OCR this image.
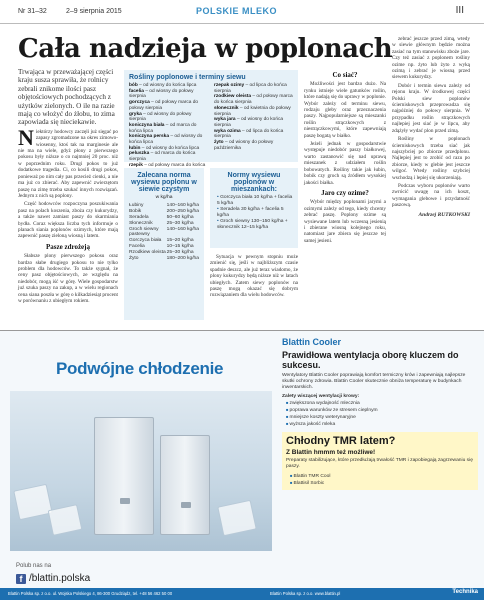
Nr 31–32	2–9 sierpnia 2015	POLSKIE MLEKO	III
Cała nadzieja w poplonach

Trwająca w przeważającej części kraju susza sprawiła, że rolnicy zebrali znikome ilości pasz objętościowych pochodzących z użytków zielonych. O ile na razie mają co włożyć do żłobu, to zima zapowiada się nieciekawie.

N iektórzy hodowcy zaczęli już sięgać po zapasy zgromadzone na okres zimowo-wiosenny, ktoś tak na marginesie ale nie ma na wiele, gdyż płony z pierwszego pokosu były niższe o co najmniej 20 proc. niż w poprzednim roku. Drugi pokos to już dodatkowe tragedia. Ci, co kosili drugi pokos, ponieważ po nim cały pas przecież cienki, a nie ma już co zbierać. Aby zapewnić zwierzętom paszę na zimę trzeba szukać innych rozwiązań. Jednym z nich są poplony.

Część hodowców rozpoczyna poszukiwania pasz na polach koszenia, zboża czy kukurydzy, a także nawet zamiast paszy do skarmiania bydła. Coraz większa liczba tych informuje o planach siania poplonów ozimych, które mają zapewnić paszę zieloną wiosną i latem.

Pasze zdrożeją

Słabsze plony pierwszego pokosu oraz bardzo słabe drugiego pokosu to nie tylko problem dla hodowców. To także sygnał, że ceny pasz objętościowych, ze względu na niedobór, mogą iść w górę. Wiele gospodarstw już szuka paszy na zakup, a w wielu regionach cena siana poszła w górę o kilkadziesiąt procent w porównaniu z ubiegłym rokiem.

Rośliny poplonowe i terminy siewu
bób – od wiosny do końca lipca
facelia – od wiosny do połowy sierpnia
gorczyca – od połowy marca do połowy sierpnia
gryka – od wiosny do połowy sierpnia
koniczyna biała – od marca do końca lipca
koniczyna perska – od wiosny do końca lipca
łubin – od wiosny do końca lipca
peluszka – od marca do końca sierpnia
rzepik – od połowy marca do końca
rzepak ozimy – od lipca do końca sierpnia
rzodkiew oleista – od połowy marca do końca sierpnia
słonecznik – od kwietnia do połowy sierpnia
wyka jara – od wiosny do końca sierpnia
wyka ozima – od lipca do końca sierpnia
żyto – od wiosny do połowy października
Zalecana norma wysiewu poplonu w siewie czystym
w kg/ha
Łubiny	140–160 kg/ha
Bobik	200–250 kg/ha
Seradela	50–60 kg/ha
Słonecznik	25–30 kg/ha
Groch siewny pastewny	140–160 kg/ha
Gorczyca biała	15–20 kg/ha
Facelia	10–15 kg/ha
Rzodkiew oleista	25–30 kg/ha
Żyto	180–200 kg/ha
Normy wysiewu poplonów w mieszankach:
• Gorczyca biała 10 kg/ha + facelia 5 kg/ha
• Seradela 30 kg/ha + facelia 5 kg/ha
• Groch siewny 130–150 kg/ha + słonecznik 12–15 kg/ha

Sytuacja w pewnym stopniu może zmienić się, jeśli w najbliższym czasie spadnie deszcz, ale już teraz wiadomo, że plony kukurydzy będą niższe niż w latach ubiegłych. Zatem siewy poplonów na paszę mogą okazać się dobrym rozwiązaniem dla wielu hodowców.

Co siać?

Możliwości jest bardzo dużo. Na rynku istnieje wiele gatunków roślin, które nadają się do uprawy w poplonie. Wybór zależy od terminu siewu, rodzaju gleby oraz przeznaczenia paszy. Najpopularniejsze są mieszanki roślin strączkowych z niestrączkowymi, które zapewniają paszę bogatą w białko.

Jeżeli jednak w gospodarstwie występuje niedobór paszy białkowej, warto zastanowić się nad uprawą mieszanek z udziałem roślin bobowatych. Rośliny takie jak łubin, bobik czy groch są źródłem wysokiej jakości białka.

Jaro czy ozime?

Wybór między poplonami jarymi a ozimymi zależy od tego, kiedy chcemy zebrać paszę. Poplony ozime są wysiewane latem lub wczesną jesienią i zbierane wiosną kolejnego roku, natomiast jare zbiera się jeszcze tej samej jesieni.

zebrać jeszcze przed zimą, wtedy w siewie głównym będzie można zasiać na tym stanowisku zboże jare. Czy też zasiać z poplonem rośliny ozime np. żyto lub żyto z wyką ozimą i zebrać je wiosną przed siewem kukurydzy.

Dobór i termin siewu zależy od rejonu kraju. W środkowej części Polski siew poplonów ścierniskowych przeprowadza się najpóźniej do połowy sierpnia. W przypadku roślin strączkowych najlepiej jest siać je w lipcu, aby zdążyły wydać plon przed zimą.

Rośliny w poplonach ścierniskowych trzeba siać jak najszybciej po zbiorze przedplonu. Najlepiej jest to zrobić od razu po zbiorze, kiedy w glebie jest jeszcze wilgoć. Wtedy rośliny szybciej wschodzą i lepiej się ukorzeniają.

Podczas wyboru poplonów warto zwrócić uwagę na ich koszt, wymagania glebowe i przydatność paszową.

Andrzej RUTKOWSKI
Podwójne chłodzenie
Polub nas na
f /blattin.polska
Blattin Cooler
Prawidłowa wentylacja oborę kluczem do sukcesu.
Wentylatory Blattin Cooler poprawiają komfort termiczny krów i zapewniają najlepsze skutki ochrony zdrowia. Blattin Cooler skutecznie obniża temperaturę w budynkach inwentarskich.
Zalety wiszącej wentylacji krowy:
■ zwiększona wydajność mlecznia
■ poprawa warunków ze stresem cieplnym
■ mniejsze koszty weterynaryjne
■ wyższa jakość mleka
Chłodny TMR latem?
Z Blattin hmmm też możliwe!
Preparaty stabilizujące, które przedłużają trwałość TMR i zapobiegają zagrzewaniu się paszy.
■ Blattin TMR Cool
■ Blattisil Sorbic
Blattin Polska sp. z o.o. ul. Wojska Polskiego 4, 86-300 Grudziądz, tel. +48 56 462 50 00	Blattin Polska sp. z o.o. www.blattin.pl	Technika
